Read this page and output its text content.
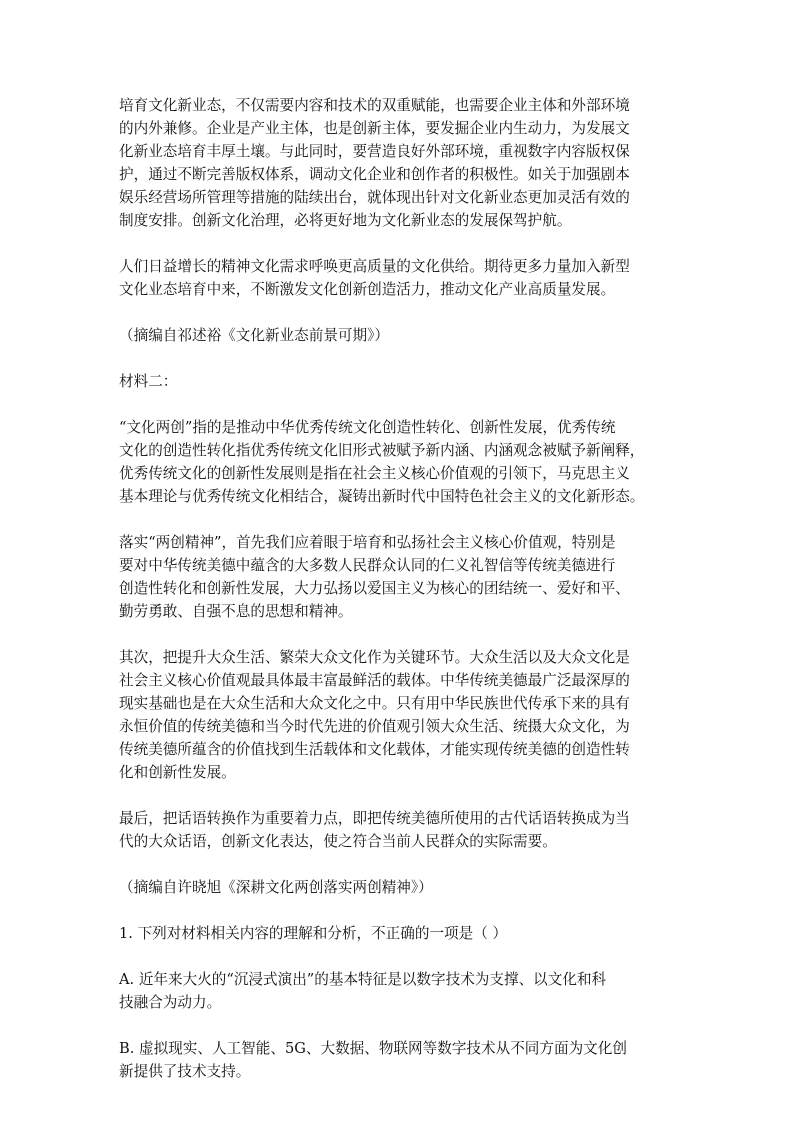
培育文化新业态，不仅需要内容和技术的双重赋能，也需要企业主体和外部环境
的内外兼修。企业是产业主体，也是创新主体，要发掘企业内生动力，为发展文
化新业态培育丰厚土壤。与此同时，要营造良好外部环境，重视数字内容版权保
护，通过不断完善版权体系，调动文化企业和创作者的积极性。如关于加强剧本
娱乐经营场所管理等措施的陆续出台，就体现出针对文化新业态更加灵活有效的
制度安排。创新文化治理，必将更好地为文化新业态的发展保驾护航。

人们日益增长的精神文化需求呼唤更高质量的文化供给。期待更多力量加入新型
文化业态培育中来，不断激发文化创新创造活力，推动文化产业高质量发展。

（摘编自祁述裕《文化新业态前景可期》）

材料二：

“文化两创”指的是推动中华优秀传统文化创造性转化、创新性发展，优秀传统
文化的创造性转化指优秀传统文化旧形式被赋予新内涵、内涵观念被赋予新阐释，
优秀传统文化的创新性发展则是指在社会主义核心价值观的引领下，马克思主义
基本理论与优秀传统文化相结合，凝铸出新时代中国特色社会主义的文化新形态。

落实“两创精神”，首先我们应着眼于培育和弘扬社会主义核心价值观，特别是
要对中华传统美德中蕴含的大多数人民群众认同的仁义礼智信等传统美德进行
创造性转化和创新性发展，大力弘扬以爱国主义为核心的团结统一、爱好和平、
勤劳勇敢、自强不息的思想和精神。

其次，把提升大众生活、繁荣大众文化作为关键环节。大众生活以及大众文化是
社会主义核心价值观最具体最丰富最鲜活的载体。中华传统美德最广泛最深厚的
现实基础也是在大众生活和大众文化之中。只有用中华民族世代传承下来的具有
永恒价值的传统美德和当今时代先进的价值观引领大众生活、统摄大众文化，为
传统美德所蕴含的价值找到生活载体和文化载体，才能实现传统美德的创造性转
化和创新性发展。

最后，把话语转换作为重要着力点，即把传统美德所使用的古代话语转换成为当
代的大众话语，创新文化表达，使之符合当前人民群众的实际需要。

（摘编自许晓旭《深耕文化两创落实两创精神》）

1. 下列对材料相关内容的理解和分析，不正确的一项是（ ）

A. 近年来大火的“沉浸式演出”的基本特征是以数字技术为支撑、以文化和科
技融合为动力。

B. 虚拟现实、人工智能、5G、大数据、物联网等数字技术从不同方面为文化创
新提供了技术支持。
